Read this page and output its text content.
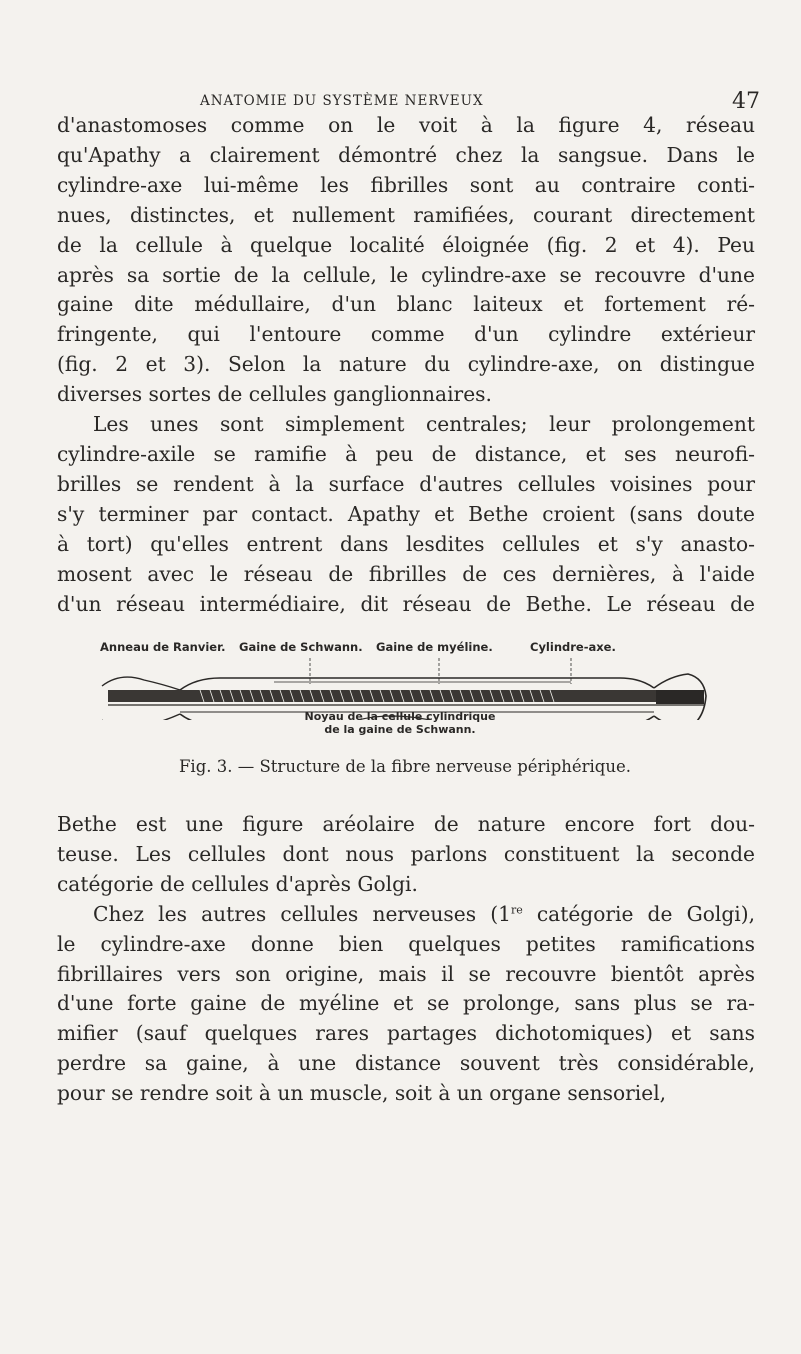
ANATOMIE DU SYSTÈME NERVEUX	47

d'anastomoses comme on le voit à la figure 4, réseau
qu'Apathy a clairement démontré chez la sangsue. Dans le
cylindre-axe lui-même les fibrilles sont au contraire conti-
nues, distinctes, et nullement ramifiées, courant directement
de la cellule à quelque localité éloignée (fig. 2 et 4). Peu
après sa sortie de la cellule, le cylindre-axe se recouvre d'une
gaine dite médullaire, d'un blanc laiteux et fortement ré-
fringente, qui l'entoure comme d'un cylindre extérieur
(fig. 2 et 3). Selon la nature du cylindre-axe, on distingue
diverses sortes de cellules ganglionnaires.

Les unes sont simplement centrales; leur prolongement
cylindre-axile se ramifie à peu de distance, et ses neurofi-
brilles se rendent à la surface d'autres cellules voisines pour
s'y terminer par contact. Apathy et Bethe croient (sans doute
à tort) qu'elles entrent dans lesdites cellules et s'y anasto-
mosent avec le réseau de fibrilles de ces dernières, à l'aide
d'un réseau intermédiaire, dit réseau de Bethe. Le réseau de

Anneau de Ranvier. Gaine de Schwann. Gaine de myéline.	Cylindre-axe.
Noyau de la cellule cylindrique
de la gaine de Schwann.
Fig. 3. — Structure de la fibre nerveuse périphérique.

Bethe est une figure aréolaire de nature encore fort dou-
teuse. Les cellules dont nous parlons constituent la seconde
catégorie de cellules d'après Golgi.

Chez les autres cellules nerveuses (1re catégorie de Golgi),
le cylindre-axe donne bien quelques petites ramifications
fibrillaires vers son origine, mais il se recouvre bientôt après
d'une forte gaine de myéline et se prolonge, sans plus se ra-
mifier (sauf quelques rares partages dichotomiques) et sans
perdre sa gaine, à une distance souvent très considérable,
pour se rendre soit à un muscle, soit à un organe sensoriel,
